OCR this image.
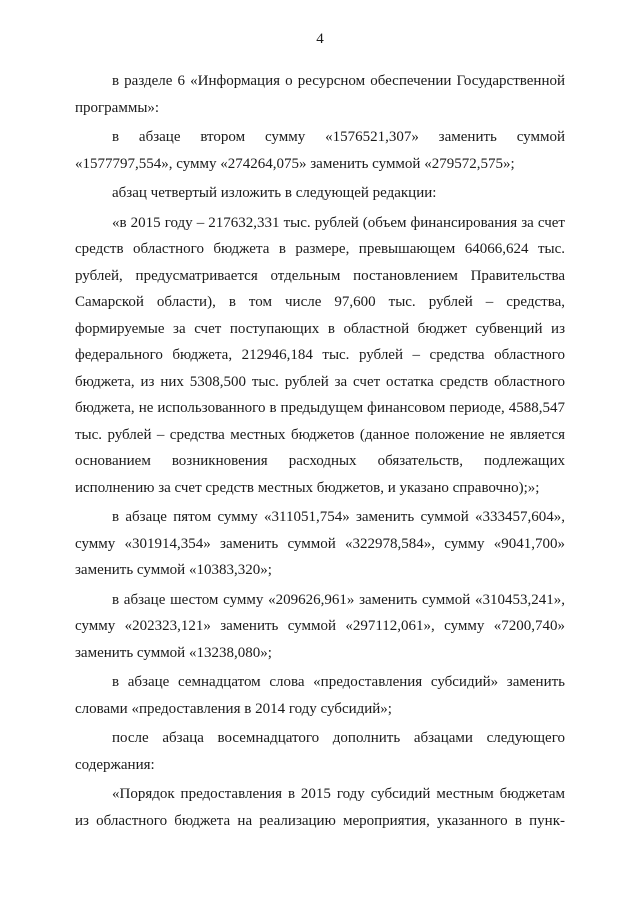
4

в разделе 6 «Информация о ресурсном обеспечении Государственной программы»:

в абзаце втором сумму «1576521,307» заменить суммой «1577797,554», сумму «274264,075» заменить суммой «279572,575»;

абзац четвертый изложить в следующей редакции:

«в 2015 году – 217632,331 тыс. рублей (объем финансирования за счет средств областного бюджета в размере, превышающем 64066,624 тыс. рублей, предусматривается отдельным постановлением Правительства Самарской области), в том числе 97,600 тыс. рублей – средства, формируемые за счет поступающих в областной бюджет субвенций из федерального бюджета, 212946,184 тыс. рублей – средства областного бюджета, из них 5308,500 тыс. рублей за счет остатка средств областного бюджета, не использованного в предыдущем финансовом периоде, 4588,547 тыс. рублей – средства местных бюджетов (данное положение не является основанием возникновения расходных обязательств, подлежащих исполнению за счет средств местных бюджетов, и указано справочно);»;

в абзаце пятом сумму «311051,754» заменить суммой «333457,604», сумму «301914,354» заменить суммой «322978,584», сумму «9041,700» заменить суммой «10383,320»;

в абзаце шестом сумму «209626,961» заменить суммой «310453,241», сумму «202323,121» заменить суммой «297112,061», сумму «7200,740» заменить суммой «13238,080»;

в абзаце семнадцатом слова «предоставления субсидий» заменить словами «предоставления в 2014 году субсидий»;

после абзаца восемнадцатого дополнить абзацами следующего содержания:

«Порядок предоставления в 2015 году субсидий местным бюджетам из областного бюджета на реализацию мероприятия, указанного в пунк-
